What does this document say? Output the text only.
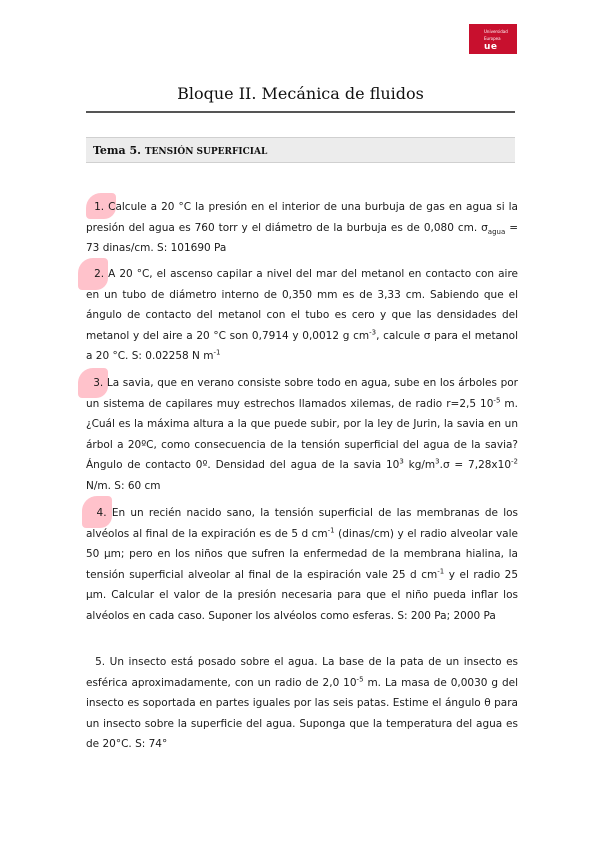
Universidad
Europea
ue
Bloque II. Mecánica de fluidos
Tema 5. TENSIÓN SUPERFICIAL
1. Calcule a 20 °C la presión en el interior de una burbuja de gas en agua si la presión del agua es 760 torr y el diámetro de la burbuja es de 0,080 cm. $\sigma_{agua} = 73$ dinas/cm. S: 101690 Pa
2. A 20 °C, el ascenso capilar a nivel del mar del metanol en contacto con aire en un tubo de diámetro interno de 0,350 mm es de 3,33 cm. Sabiendo que el ángulo de contacto del metanol con el tubo es cero y que las densidades del metanol y del aire a 20 °C son 0,7914 y 0,0012 g $cm^{-3}$, calcule σ para el metanol a 20 °C. S: 0.02258 N $m^{-1}$
3. La savia, que en verano consiste sobre todo en agua, sube en los árboles por un sistema de capilares muy estrechos llamados xilemas, de radio r=2,5 $10^{-5}$ m. ¿Cuál es la máxima altura a la que puede subir, por la ley de Jurin, la savia en un árbol a 20ºC, como consecuencia de la tensión superficial del agua de la savia? Ángulo de contacto 0º. Densidad del agua de la savia $10^3$ $kg/m^3.\sigma = 7,28x10^{-2}$ N/m. S: 60 cm
4. En un recién nacido sano, la tensión superficial de las membranas de los alvéolos al final de la expiración es de 5 d $cm^{-1}$ (dinas/cm) y el radio alveolar vale 50 μm; pero en los niños que sufren la enfermedad de la membrana hialina, la tensión superficial alveolar al final de la espiración vale 25 d $cm^{-1}$ y el radio 25 μm. Calcular el valor de la presión necesaria para que el niño pueda inflar los alvéolos en cada caso. Suponer los alvéolos como esferas. S: 200 Pa; 2000 Pa
5. Un insecto está posado sobre el agua. La base de la pata de un insecto es esférica aproximadamente, con un radio de 2,0 $10^{-5}$ m. La masa de 0,0030 g del insecto es soportada en partes iguales por las seis patas. Estime el ángulo θ para un insecto sobre la superficie del agua. Suponga que la temperatura del agua es de 20°C. S: 74°
